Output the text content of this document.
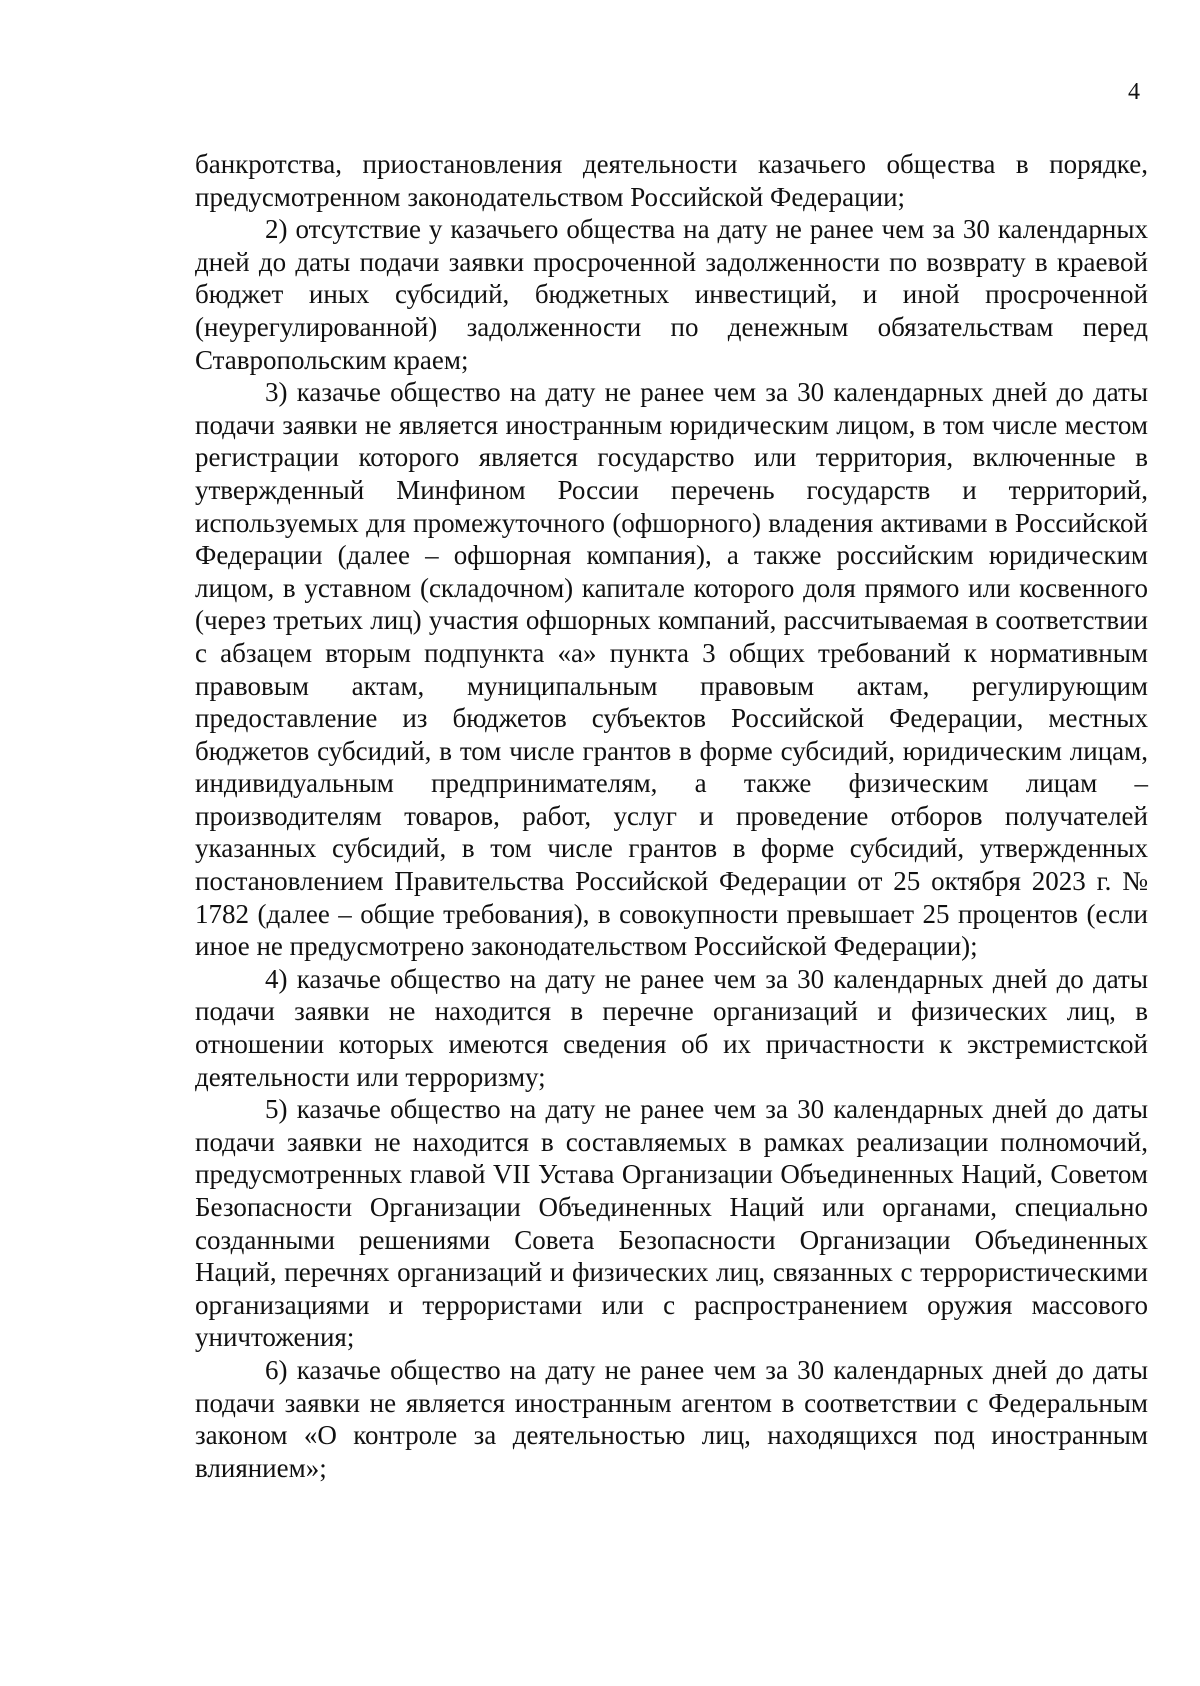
4

банкротства, приостановления деятельности казачьего общества в порядке, предусмотренном законодательством Российской Федерации;

2) отсутствие у казачьего общества на дату не ранее чем за 30 календарных дней до даты подачи заявки просроченной задолженности по возврату в краевой бюджет иных субсидий, бюджетных инвестиций, и иной просроченной (неурегулированной) задолженности по денежным обязательствам перед Ставропольским краем;

3) казачье общество на дату не ранее чем за 30 календарных дней до даты подачи заявки не является иностранным юридическим лицом, в том числе местом регистрации которого является государство или территория, включенные в утвержденный Минфином России перечень государств и территорий, используемых для промежуточного (офшорного) владения активами в Российской Федерации (далее – офшорная компания), а также российским юридическим лицом, в уставном (складочном) капитале которого доля прямого или косвенного (через третьих лиц) участия офшорных компаний, рассчитываемая в соответствии с абзацем вторым подпункта «а» пункта 3 общих требований к нормативным правовым актам, муниципальным правовым актам, регулирующим предоставление из бюджетов субъектов Российской Федерации, местных бюджетов субсидий, в том числе грантов в форме субсидий, юридическим лицам, индивидуальным предпринимателям, а также физическим лицам – производителям товаров, работ, услуг и проведение отборов получателей указанных субсидий, в том числе грантов в форме субсидий, утвержденных постановлением Правительства Российской Федерации от 25 октября 2023 г. № 1782 (далее – общие требования), в совокупности превышает 25 процентов (если иное не предусмотрено законодательством Российской Федерации);

4) казачье общество на дату не ранее чем за 30 календарных дней до даты подачи заявки не находится в перечне организаций и физических лиц, в отношении которых имеются сведения об их причастности к экстремистской деятельности или терроризму;

5) казачье общество на дату не ранее чем за 30 календарных дней до даты подачи заявки не находится в составляемых в рамках реализации полномочий, предусмотренных главой VII Устава Организации Объединенных Наций, Советом Безопасности Организации Объединенных Наций или органами, специально созданными решениями Совета Безопасности Организации Объединенных Наций, перечнях организаций и физических лиц, связанных с террористическими организациями и террористами или с распространением оружия массового уничтожения;

6) казачье общество на дату не ранее чем за 30 календарных дней до даты подачи заявки не является иностранным агентом в соответствии с Федеральным законом «О контроле за деятельностью лиц, находящихся под иностранным влиянием»;
